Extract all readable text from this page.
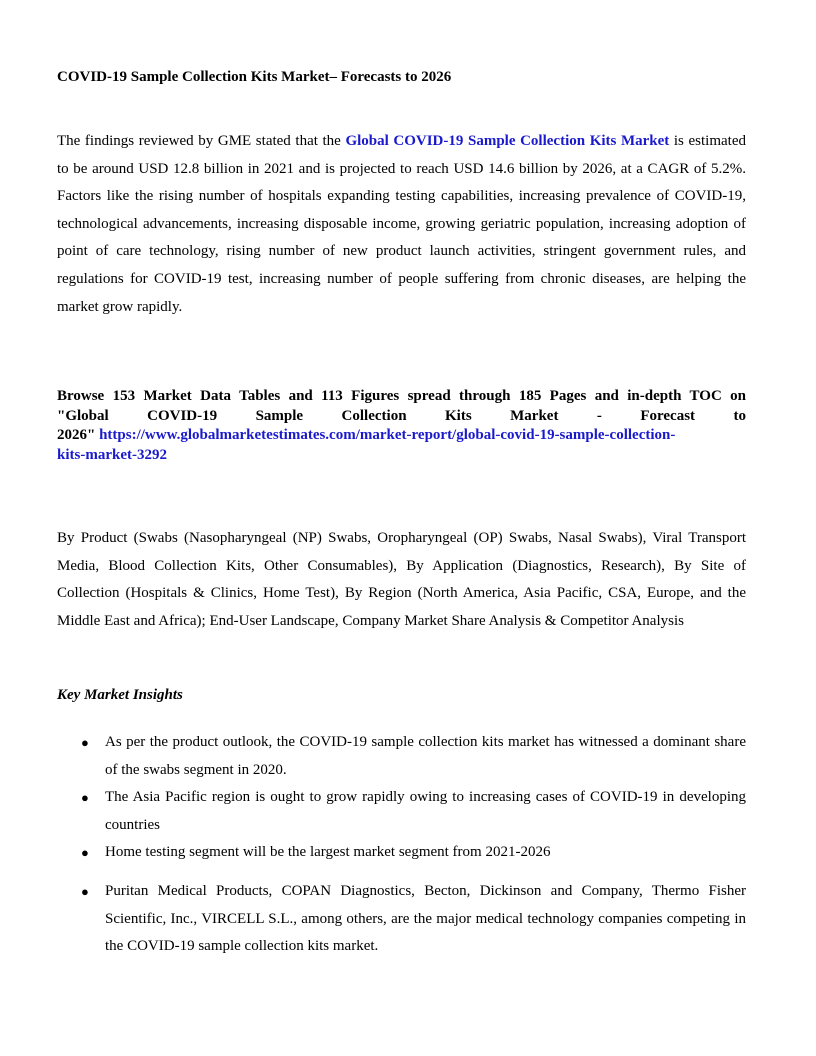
COVID-19 Sample Collection Kits Market– Forecasts to 2026

The findings reviewed by GME stated that the Global COVID-19 Sample Collection Kits Market is estimated to be around USD 12.8 billion in 2021 and is projected to reach USD 14.6 billion by 2026, at a CAGR of 5.2%. Factors like the rising number of hospitals expanding testing capabilities, increasing prevalence of COVID-19, technological advancements, increasing disposable income, growing geriatric population, increasing adoption of point of care technology, rising number of new product launch activities, stringent government rules, and regulations for COVID-19 test, increasing number of people suffering from chronic diseases, are helping the market grow rapidly.

Browse 153 Market Data Tables and 113 Figures spread through 185 Pages and in-depth TOC on
"Global COVID-19 Sample Collection Kits Market - Forecast to
2026" https://www.globalmarketestimates.com/market-report/global-covid-19-sample-collection-
kits-market-3292

By Product (Swabs (Nasopharyngeal (NP) Swabs, Oropharyngeal (OP) Swabs, Nasal Swabs), Viral Transport Media, Blood Collection Kits, Other Consumables), By Application (Diagnostics, Research), By Site of Collection (Hospitals & Clinics, Home Test), By Region (North America, Asia Pacific, CSA, Europe, and the Middle East and Africa); End-User Landscape, Company Market Share Analysis & Competitor Analysis

Key Market Insights
● As per the product outlook, the COVID-19 sample collection kits market has witnessed a dominant share of the swabs segment in 2020.
● The Asia Pacific region is ought to grow rapidly owing to increasing cases of COVID-19 in developing countries
● Home testing segment will be the largest market segment from 2021-2026
● Puritan Medical Products, COPAN Diagnostics, Becton, Dickinson and Company, Thermo Fisher Scientific, Inc., VIRCELL S.L., among others, are the major medical technology companies competing in the COVID-19 sample collection kits market.
